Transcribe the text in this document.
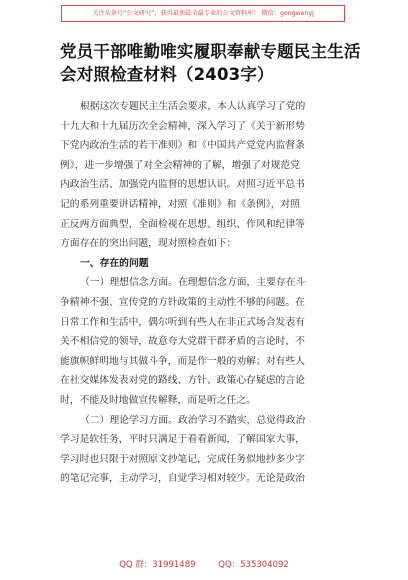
关注头条号“公文研究”，获得最新最全最专业的公文资料库！ 微信：gongwenyj
党员干部唯勤唯实履职奉献专题民主生活
会对照检查材料（2403字）
根据这次专题民主生活会要求，本人认真学习了党的
十九大和十九届历次全会精神，深入学习了《关于新形势
下党内政治生活的若干准则》和《中国共产党党内监督条
例》，进一步增强了对全会精神的了解，增强了对规范党
内政治生活、加强党内监督的思想认识。对照习近平总书
记的系列重要讲话精神，对照《准则》和《条例》，对照
正反两方面典型，全面检视在思想、组织、作风和纪律等
方面存在的突出问题，现对照检查如下：
一、存在的问题
（一）理想信念方面。在理想信念方面，主要存在斗
争精神不强、宣传党的方针政策的主动性不够的问题。在
日常工作和生活中，偶尔听到有些人在非正式场合发表有
关不相信党的领导，故意夸大党群干群矛盾的言论时，不
能旗帜鲜明地与其做斗争，而是作一般的劝解；对有些人
在社交媒体发表对党的路线、方针、政策心存疑虑的言论
时，不能及时地做宣传解释，而是听之任之。
（二）理论学习方面。政治学习不踏实，总觉得政治
学习是软任务，平时只满足于看看新闻，了解国家大事，
学习时也只限于对照原文抄笔记，完成任务似地抄多少字
的笔记完事，主动学习，自觉学习相对较少。无论是政治
QQ 群：31991489	QQ：535304092
